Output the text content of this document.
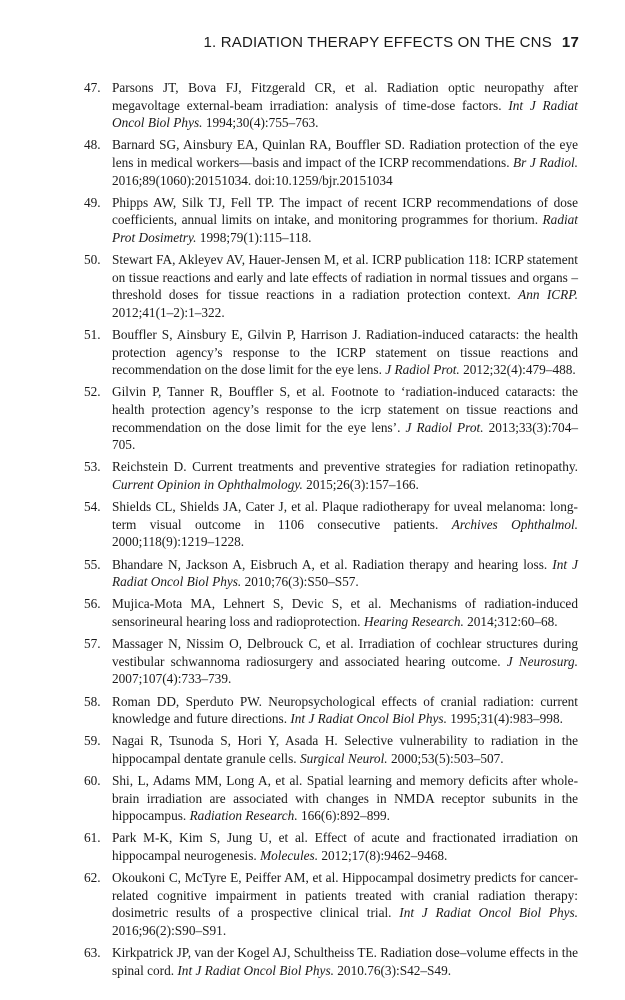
1. RADIATION THERAPY EFFECTS ON THE CNS 17
47. Parsons JT, Bova FJ, Fitzgerald CR, et al. Radiation optic neuropathy after megavoltage external-beam irradiation: analysis of time-dose factors. Int J Radiat Oncol Biol Phys. 1994;30(4):755–763.
48. Barnard SG, Ainsbury EA, Quinlan RA, Bouffler SD. Radiation protection of the eye lens in medical workers—basis and impact of the ICRP recommendations. Br J Radiol. 2016;89(1060):20151034. doi:10.1259/bjr.20151034
49. Phipps AW, Silk TJ, Fell TP. The impact of recent ICRP recommendations of dose coefficients, annual limits on intake, and monitoring programmes for thorium. Radiat Prot Dosimetry. 1998;79(1):115–118.
50. Stewart FA, Akleyev AV, Hauer-Jensen M, et al. ICRP publication 118: ICRP statement on tissue reactions and early and late effects of radiation in normal tissues and organs – threshold doses for tissue reactions in a radiation protection context. Ann ICRP. 2012;41(1–2):1–322.
51. Bouffler S, Ainsbury E, Gilvin P, Harrison J. Radiation-induced cataracts: the health protection agency’s response to the ICRP statement on tissue reactions and recommendation on the dose limit for the eye lens. J Radiol Prot. 2012;32(4):479–488.
52. Gilvin P, Tanner R, Bouffler S, et al. Footnote to ‘radiation-induced cataracts: the health protection agency’s response to the icrp statement on tissue reactions and recommendation on the dose limit for the eye lens’. J Radiol Prot. 2013;33(3):704–705.
53. Reichstein D. Current treatments and preventive strategies for radiation retinopathy. Current Opinion in Ophthalmology. 2015;26(3):157–166.
54. Shields CL, Shields JA, Cater J, et al. Plaque radiotherapy for uveal melanoma: long-term visual outcome in 1106 consecutive patients. Archives Ophthalmol. 2000;118(9):1219–1228.
55. Bhandare N, Jackson A, Eisbruch A, et al. Radiation therapy and hearing loss. Int J Radiat Oncol Biol Phys. 2010;76(3):S50–S57.
56. Mujica-Mota MA, Lehnert S, Devic S, et al. Mechanisms of radiation-induced sensorineural hearing loss and radioprotection. Hearing Research. 2014;312:60–68.
57. Massager N, Nissim O, Delbrouck C, et al. Irradiation of cochlear structures during vestibular schwannoma radiosurgery and associated hearing outcome. J Neurosurg. 2007;107(4):733–739.
58. Roman DD, Sperduto PW. Neuropsychological effects of cranial radiation: current knowledge and future directions. Int J Radiat Oncol Biol Phys. 1995;31(4):983–998.
59. Nagai R, Tsunoda S, Hori Y, Asada H. Selective vulnerability to radiation in the hippocampal dentate granule cells. Surgical Neurol. 2000;53(5):503–507.
60. Shi, L, Adams MM, Long A, et al. Spatial learning and memory deficits after whole-brain irradiation are associated with changes in NMDA receptor subunits in the hippocampus. Radiation Research. 166(6):892–899.
61. Park M-K, Kim S, Jung U, et al. Effect of acute and fractionated irradiation on hippocampal neurogenesis. Molecules. 2012;17(8):9462–9468.
62. Okoukoni C, McTyre E, Peiffer AM, et al. Hippocampal dosimetry predicts for cancer-related cognitive impairment in patients treated with cranial radiation therapy: dosimetric results of a prospective clinical trial. Int J Radiat Oncol Biol Phys. 2016;96(2):S90–S91.
63. Kirkpatrick JP, van der Kogel AJ, Schultheiss TE. Radiation dose–volume effects in the spinal cord. Int J Radiat Oncol Biol Phys. 2010.76(3):S42–S49.
